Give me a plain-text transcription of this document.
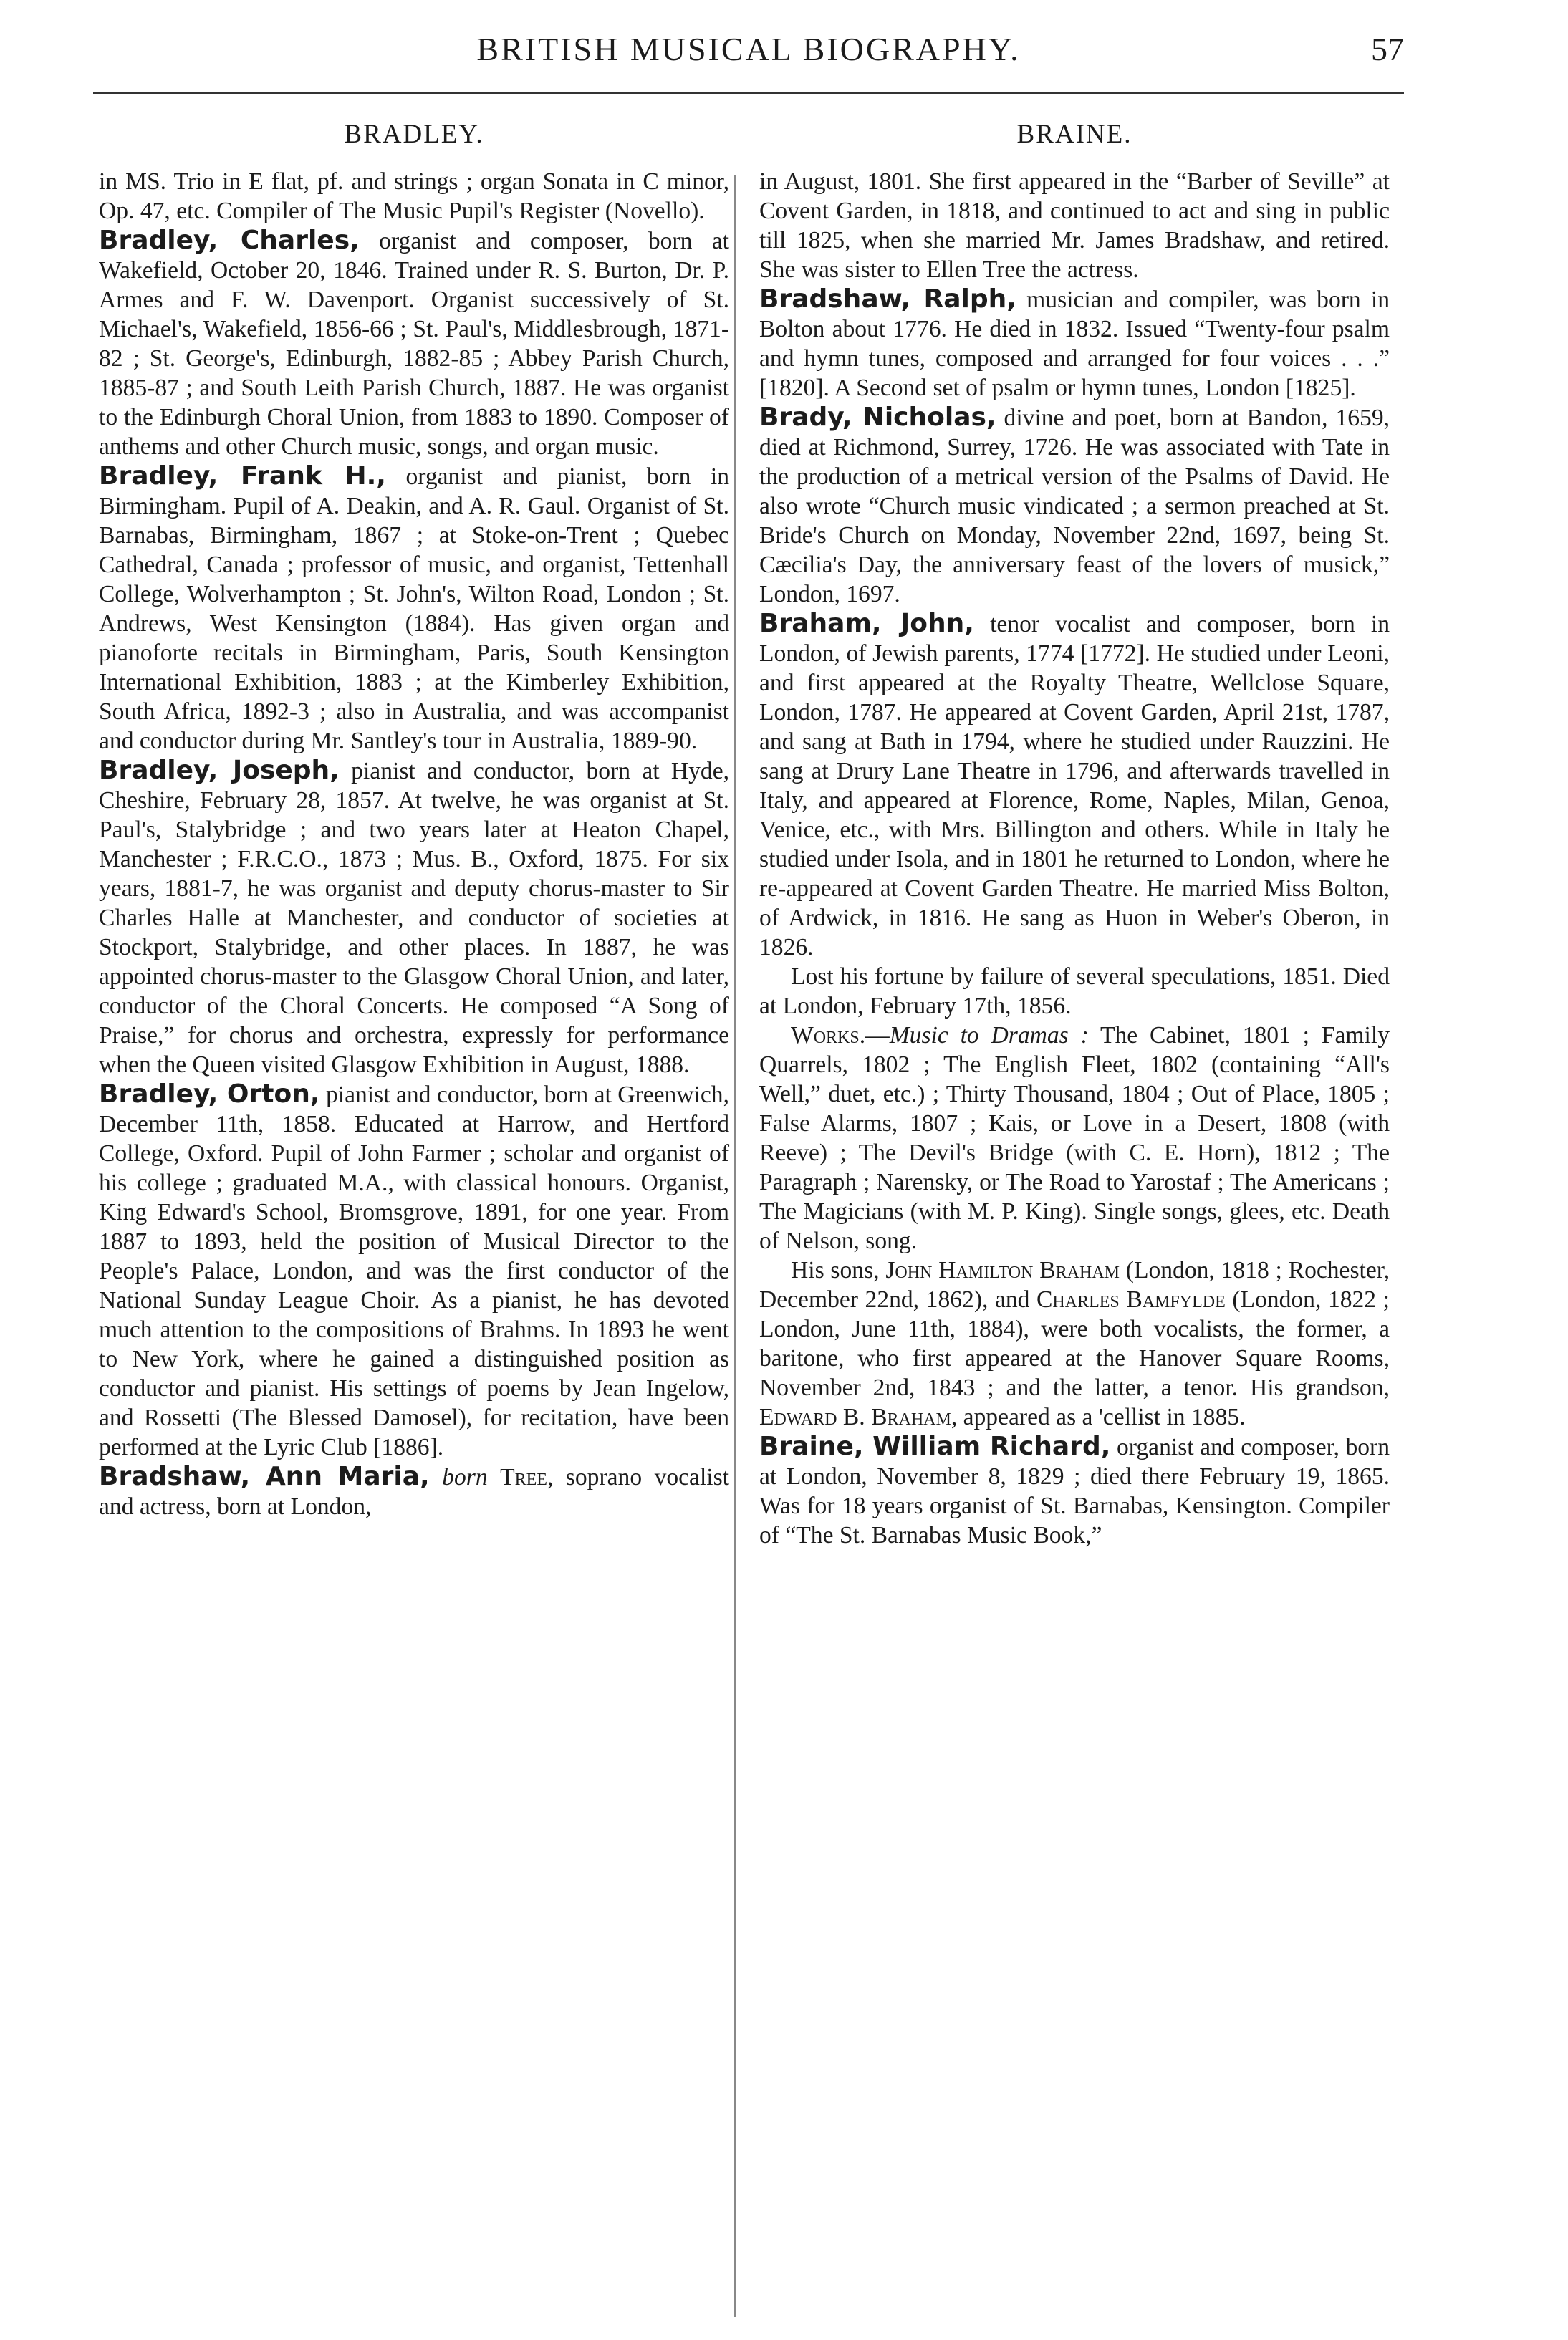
BRITISH MUSICAL BIOGRAPHY.	57
BRADLEY.

in MS. Trio in E flat, pf. and strings ; organ Sonata in C minor, Op. 47, etc. Compiler of The Music Pupil's Register (Novello).

Bradley, Charles, organist and composer, born at Wakefield, October 20, 1846. Trained under R. S. Burton, Dr. P. Armes and F. W. Davenport. Organist successively of St. Michael's, Wakefield, 1856-66 ; St. Paul's, Middlesbrough, 1871-82 ; St. George's, Edinburgh, 1882-85 ; Abbey Parish Church, 1885-87 ; and South Leith Parish Church, 1887. He was organist to the Edinburgh Choral Union, from 1883 to 1890. Composer of anthems and other Church music, songs, and organ music.

Bradley, Frank H., organist and pianist, born in Birmingham. Pupil of A. Deakin, and A. R. Gaul. Organist of St. Barnabas, Birmingham, 1867 ; at Stoke-on-Trent ; Quebec Cathedral, Canada ; professor of music, and organist, Tettenhall College, Wolverhampton ; St. John's, Wilton Road, London ; St. Andrews, West Kensington (1884). Has given organ and pianoforte recitals in Birmingham, Paris, South Kensington International Exhibition, 1883 ; at the Kimberley Exhibition, South Africa, 1892-3 ; also in Australia, and was accompanist and conductor during Mr. Santley's tour in Australia, 1889-90.

Bradley, Joseph, pianist and conductor, born at Hyde, Cheshire, February 28, 1857. At twelve, he was organist at St. Paul's, Stalybridge ; and two years later at Heaton Chapel, Manchester ; F.R.C.O., 1873 ; Mus. B., Oxford, 1875. For six years, 1881-7, he was organist and deputy chorus-master to Sir Charles Halle at Manchester, and conductor of societies at Stockport, Stalybridge, and other places. In 1887, he was appointed chorus-master to the Glasgow Choral Union, and later, conductor of the Choral Concerts. He composed “A Song of Praise,” for chorus and orchestra, expressly for performance when the Queen visited Glasgow Exhibition in August, 1888.

Bradley, Orton, pianist and conductor, born at Greenwich, December 11th, 1858. Educated at Harrow, and Hertford College, Oxford. Pupil of John Farmer ; scholar and organist of his college ; graduated M.A., with classical honours. Organist, King Edward's School, Bromsgrove, 1891, for one year. From 1887 to 1893, held the position of Musical Director to the People's Palace, London, and was the first conductor of the National Sunday League Choir. As a pianist, he has devoted much attention to the compositions of Brahms. In 1893 he went to New York, where he gained a distinguished position as conductor and pianist. His settings of poems by Jean Ingelow, and Rossetti (The Blessed Damosel), for recitation, have been performed at the Lyric Club [1886].

Bradshaw, Ann Maria, born Tree, soprano vocalist and actress, born at London,

BRAINE.

in August, 1801. She first appeared in the “Barber of Seville” at Covent Garden, in 1818, and continued to act and sing in public till 1825, when she married Mr. James Bradshaw, and retired. She was sister to Ellen Tree the actress.

Bradshaw, Ralph, musician and compiler, was born in Bolton about 1776. He died in 1832. Issued “Twenty-four psalm and hymn tunes, composed and arranged for four voices . . .” [1820]. A Second set of psalm or hymn tunes, London [1825].

Brady, Nicholas, divine and poet, born at Bandon, 1659, died at Richmond, Surrey, 1726. He was associated with Tate in the production of a metrical version of the Psalms of David. He also wrote “Church music vindicated ; a sermon preached at St. Bride's Church on Monday, November 22nd, 1697, being St. Cæcilia's Day, the anniversary feast of the lovers of musick,” London, 1697.

Braham, John, tenor vocalist and composer, born in London, of Jewish parents, 1774 [1772]. He studied under Leoni, and first appeared at the Royalty Theatre, Wellclose Square, London, 1787. He appeared at Covent Garden, April 21st, 1787, and sang at Bath in 1794, where he studied under Rauzzini. He sang at Drury Lane Theatre in 1796, and afterwards travelled in Italy, and appeared at Florence, Rome, Naples, Milan, Genoa, Venice, etc., with Mrs. Billington and others. While in Italy he studied under Isola, and in 1801 he returned to London, where he re-appeared at Covent Garden Theatre. He married Miss Bolton, of Ardwick, in 1816. He sang as Huon in Weber's Oberon, in 1826.

Lost his fortune by failure of several speculations, 1851. Died at London, February 17th, 1856.

Works.—Music to Dramas : The Cabinet, 1801 ; Family Quarrels, 1802 ; The English Fleet, 1802 (containing “All's Well,” duet, etc.) ; Thirty Thousand, 1804 ; Out of Place, 1805 ; False Alarms, 1807 ; Kais, or Love in a Desert, 1808 (with Reeve) ; The Devil's Bridge (with C. E. Horn), 1812 ; The Paragraph ; Narensky, or The Road to Yarostaf ; The Americans ; The Magicians (with M. P. King). Single songs, glees, etc. Death of Nelson, song.

His sons, John Hamilton Braham (London, 1818 ; Rochester, December 22nd, 1862), and Charles Bamfylde (London, 1822 ; London, June 11th, 1884), were both vocalists, the former, a baritone, who first appeared at the Hanover Square Rooms, November 2nd, 1843 ; and the latter, a tenor. His grandson, Edward B. Braham, appeared as a 'cellist in 1885.

Braine, William Richard, organist and composer, born at London, November 8, 1829 ; died there February 19, 1865. Was for 18 years organist of St. Barnabas, Kensington. Compiler of “The St. Barnabas Music Book,”
